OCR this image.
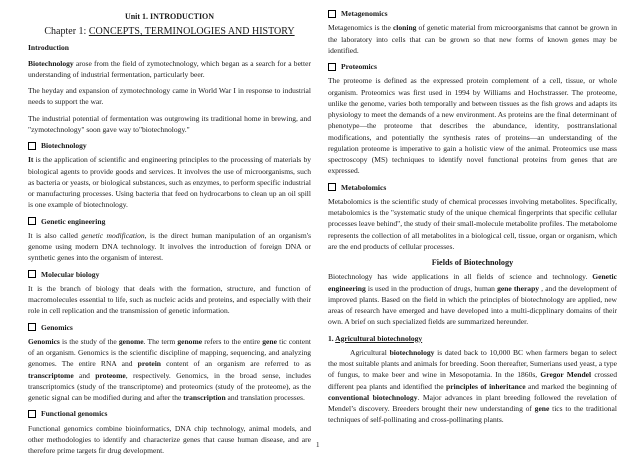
Unit 1. INTRODUCTION
Chapter 1: CONCEPTS, TERMINOLOGIES AND HISTORY
Introduction

Biotechnology arose from the field of zymotechnology, which began as a search for a better understanding of industrial fermentation, particularly beer.

The heyday and expansion of zymotechnology came in World War I in response to industrial needs to support the war.

The industrial potential of fermentation was outgrowing its traditional home in brewing, and "zymotechnology" soon gave way to"biotechnology."

Biotechnology

It is the application of scientific and engineering principles to the processing of materials by biological agents to provide goods and services. It involves the use of microorganisms, such as bacteria or yeasts, or biological substances, such as enzymes, to perform specific industrial or manufacturing processes. Using bacteria that feed on hydrocarbons to clean up an oil spill is one example of biotechnology.

Genetic engineering

It is also called genetic modification, is the direct human manipulation of an organism's genome using modern DNA technology. It involves the introduction of foreign DNA or synthetic genes into the organism of interest.

Molecular biology

It is the branch of biology that deals with the formation, structure, and function of macromolecules essential to life, such as nucleic acids and proteins, and especially with their role in cell replication and the transmission of genetic information.

Genomics

Genomics is the study of the genome. The term genome refers to the entire gene tic content of an organism. Genomics is the scientific discipline of mapping, sequencing, and analyzing genomes. The entire RNA and protein content of an organism are referred to as transcriptome and proteome, respectively. Genomics, in the broad sense, includes transcriptomics (study of the transcriptome) and proteomics (study of the proteome), as the genetic signal can be modified during and after the transcription and translation processes.

Functional genomics

Functional genomics combine bioinformatics, DNA chip technology, animal models, and other methodologies to identify and characterize genes that cause human disease, and are therefore prime targets fir drug development.

Metagenomics

Metagenomics is the cloning of genetic material from microorganisms that cannot be grown in the laboratory into cells that can be grown so that new forms of known genes may be identified.

Proteomics

The proteome is defined as the expressed protein complement of a cell, tissue, or whole organism. Proteomics was first used in 1994 by Williams and Hochstrasser. The proteome, unlike the genome, varies both temporally and between tissues as the fish grows and adapts its physiology to meet the demands of a new environment. As proteins are the final determinant of phenotype—the proteome that describes the abundance, identity, posttranslational modifications, and potentially the synthesis rates of proteins—an understanding of the regulation proteome is imperative to gain a holistic view of the animal. Proteomics use mass spectroscopy (MS) techniques to identify novel functional proteins from genes that are expressed.

Metabolomics

Metabolomics is the scientific study of chemical processes involving metabolites. Specifically, metabolomics is the "systematic study of the unique chemical fingerprints that specific cellular processes leave behind", the study of their small-molecule metabolite profiles. The metabolome represents the collection of all metabolites in a biological cell, tissue, organ or organism, which are the end products of cellular processes.

Fields of Biotechnology

Biotechnology has wide applications in all fields of science and technology. Genetic engineering is used in the production of drugs, human gene therapy , and the development of improved plants. Based on the field in which the principles of biotechnology are applied, new areas of research have emerged and have developed into a multi-dicpplinary domains of their own. A brief on such specialized fields are summarized hereunder.

1. Agricultural biotechnology

Agricultural biotechnology is dated back to 10,000 BC when farmers began to select the most suitable plants and animals for breeding. Soon thereafter, Sumerians used yeast, a type of fungus, to make beer and wine in Mesopotamia. In the 1860s, Gregor Mendel crossed different pea plants and identified the principles of inheritance and marked the beginning of conventional biotechnology. Major advances in plant breeding followed the revelation of Mendel’s discovery. Breeders brought their new understanding of gene tics to the traditional techniques of self-pollinating and cross-pollinating plants.

1
